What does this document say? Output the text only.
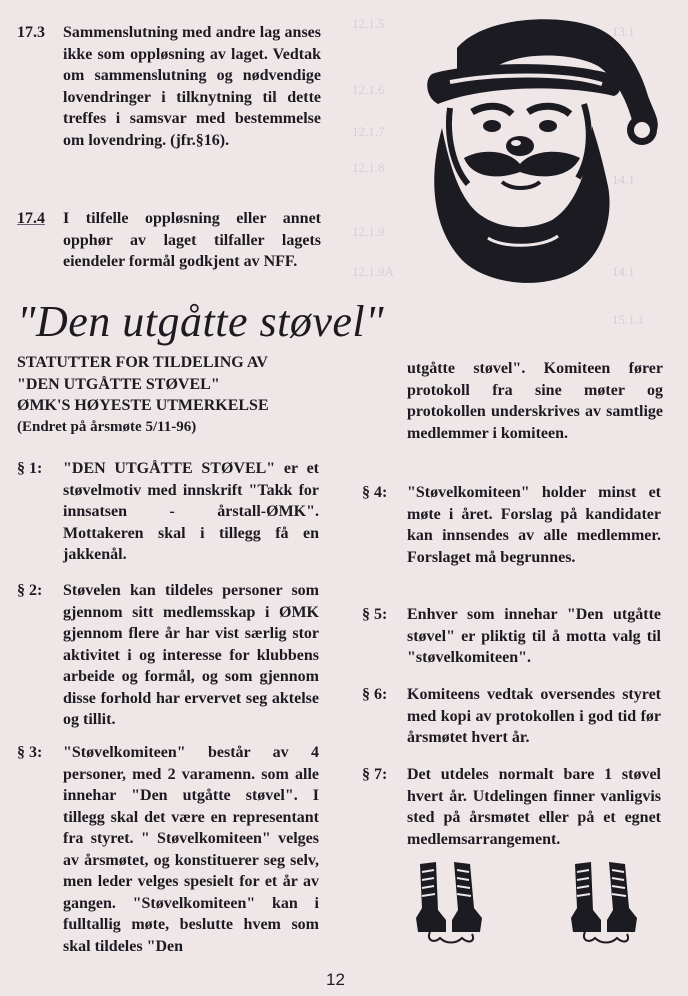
12.1.5
12.1.6
12.1.7
12.1.8
12.1.9
12.1.9A	14.1
15.1.1
14.1
13.1
17.3 Sammenslutning med andre lag anses ikke som oppløsning av laget. Vedtak om sammenslutning og nødvendige lovendringer i tilknytning til dette treffes i samsvar med bestemmelse om lovendring. (jfr.§16).
17.4 I tilfelle oppløsning eller annet opphør av laget tilfaller lagets eiendeler formål godkjent av NFF.
"Den utgåtte støvel"
STATUTTER FOR TILDELING AV
"DEN UTGÅTTE STØVEL"
ØMK'S HØYESTE UTMERKELSE
(Endret på årsmøte 5/11-96)
§ 1: "DEN UTGÅTTE STØVEL" er et støvelmotiv med innskrift "Takk for innsatsen - årstall-ØMK". Mottakeren skal i tillegg få en jakkenål.
§ 2: Støvelen kan tildeles personer som gjennom sitt medlemsskap i ØMK gjennom flere år har vist særlig stor aktivitet i og interesse for klubbens arbeide og formål, og som gjennom disse forhold har ervervet seg aktelse og tillit.
§ 3: "Støvelkomiteen" består av 4 personer, med 2 varamenn. som alle innehar "Den utgåtte støvel". I tillegg skal det være en representant fra styret. " Støvelkomiteen" velges av årsmøtet, og konstituerer seg selv, men leder velges spesielt for et år av gangen. "Støvelkomiteen" kan i fulltallig møte, beslutte hvem som skal tildeles "Den
utgåtte støvel". Komiteen fører protokoll fra sine møter og protokollen underskrives av samtlige medlemmer i komiteen.
§ 4: "Støvelkomiteen" holder minst et møte i året. Forslag på kandidater kan innsendes av alle medlemmer. Forslaget må begrunnes.
§ 5: Enhver som innehar "Den utgåtte støvel" er pliktig til å motta valg til "støvelkomiteen".
§ 6: Komiteens vedtak oversendes styret med kopi av protokollen i god tid før årsmøtet hvert år.
§ 7: Det utdeles normalt bare 1 støvel hvert år. Utdelingen finner vanligvis sted på årsmøtet eller på et egnet medlemsarrangement.
12
